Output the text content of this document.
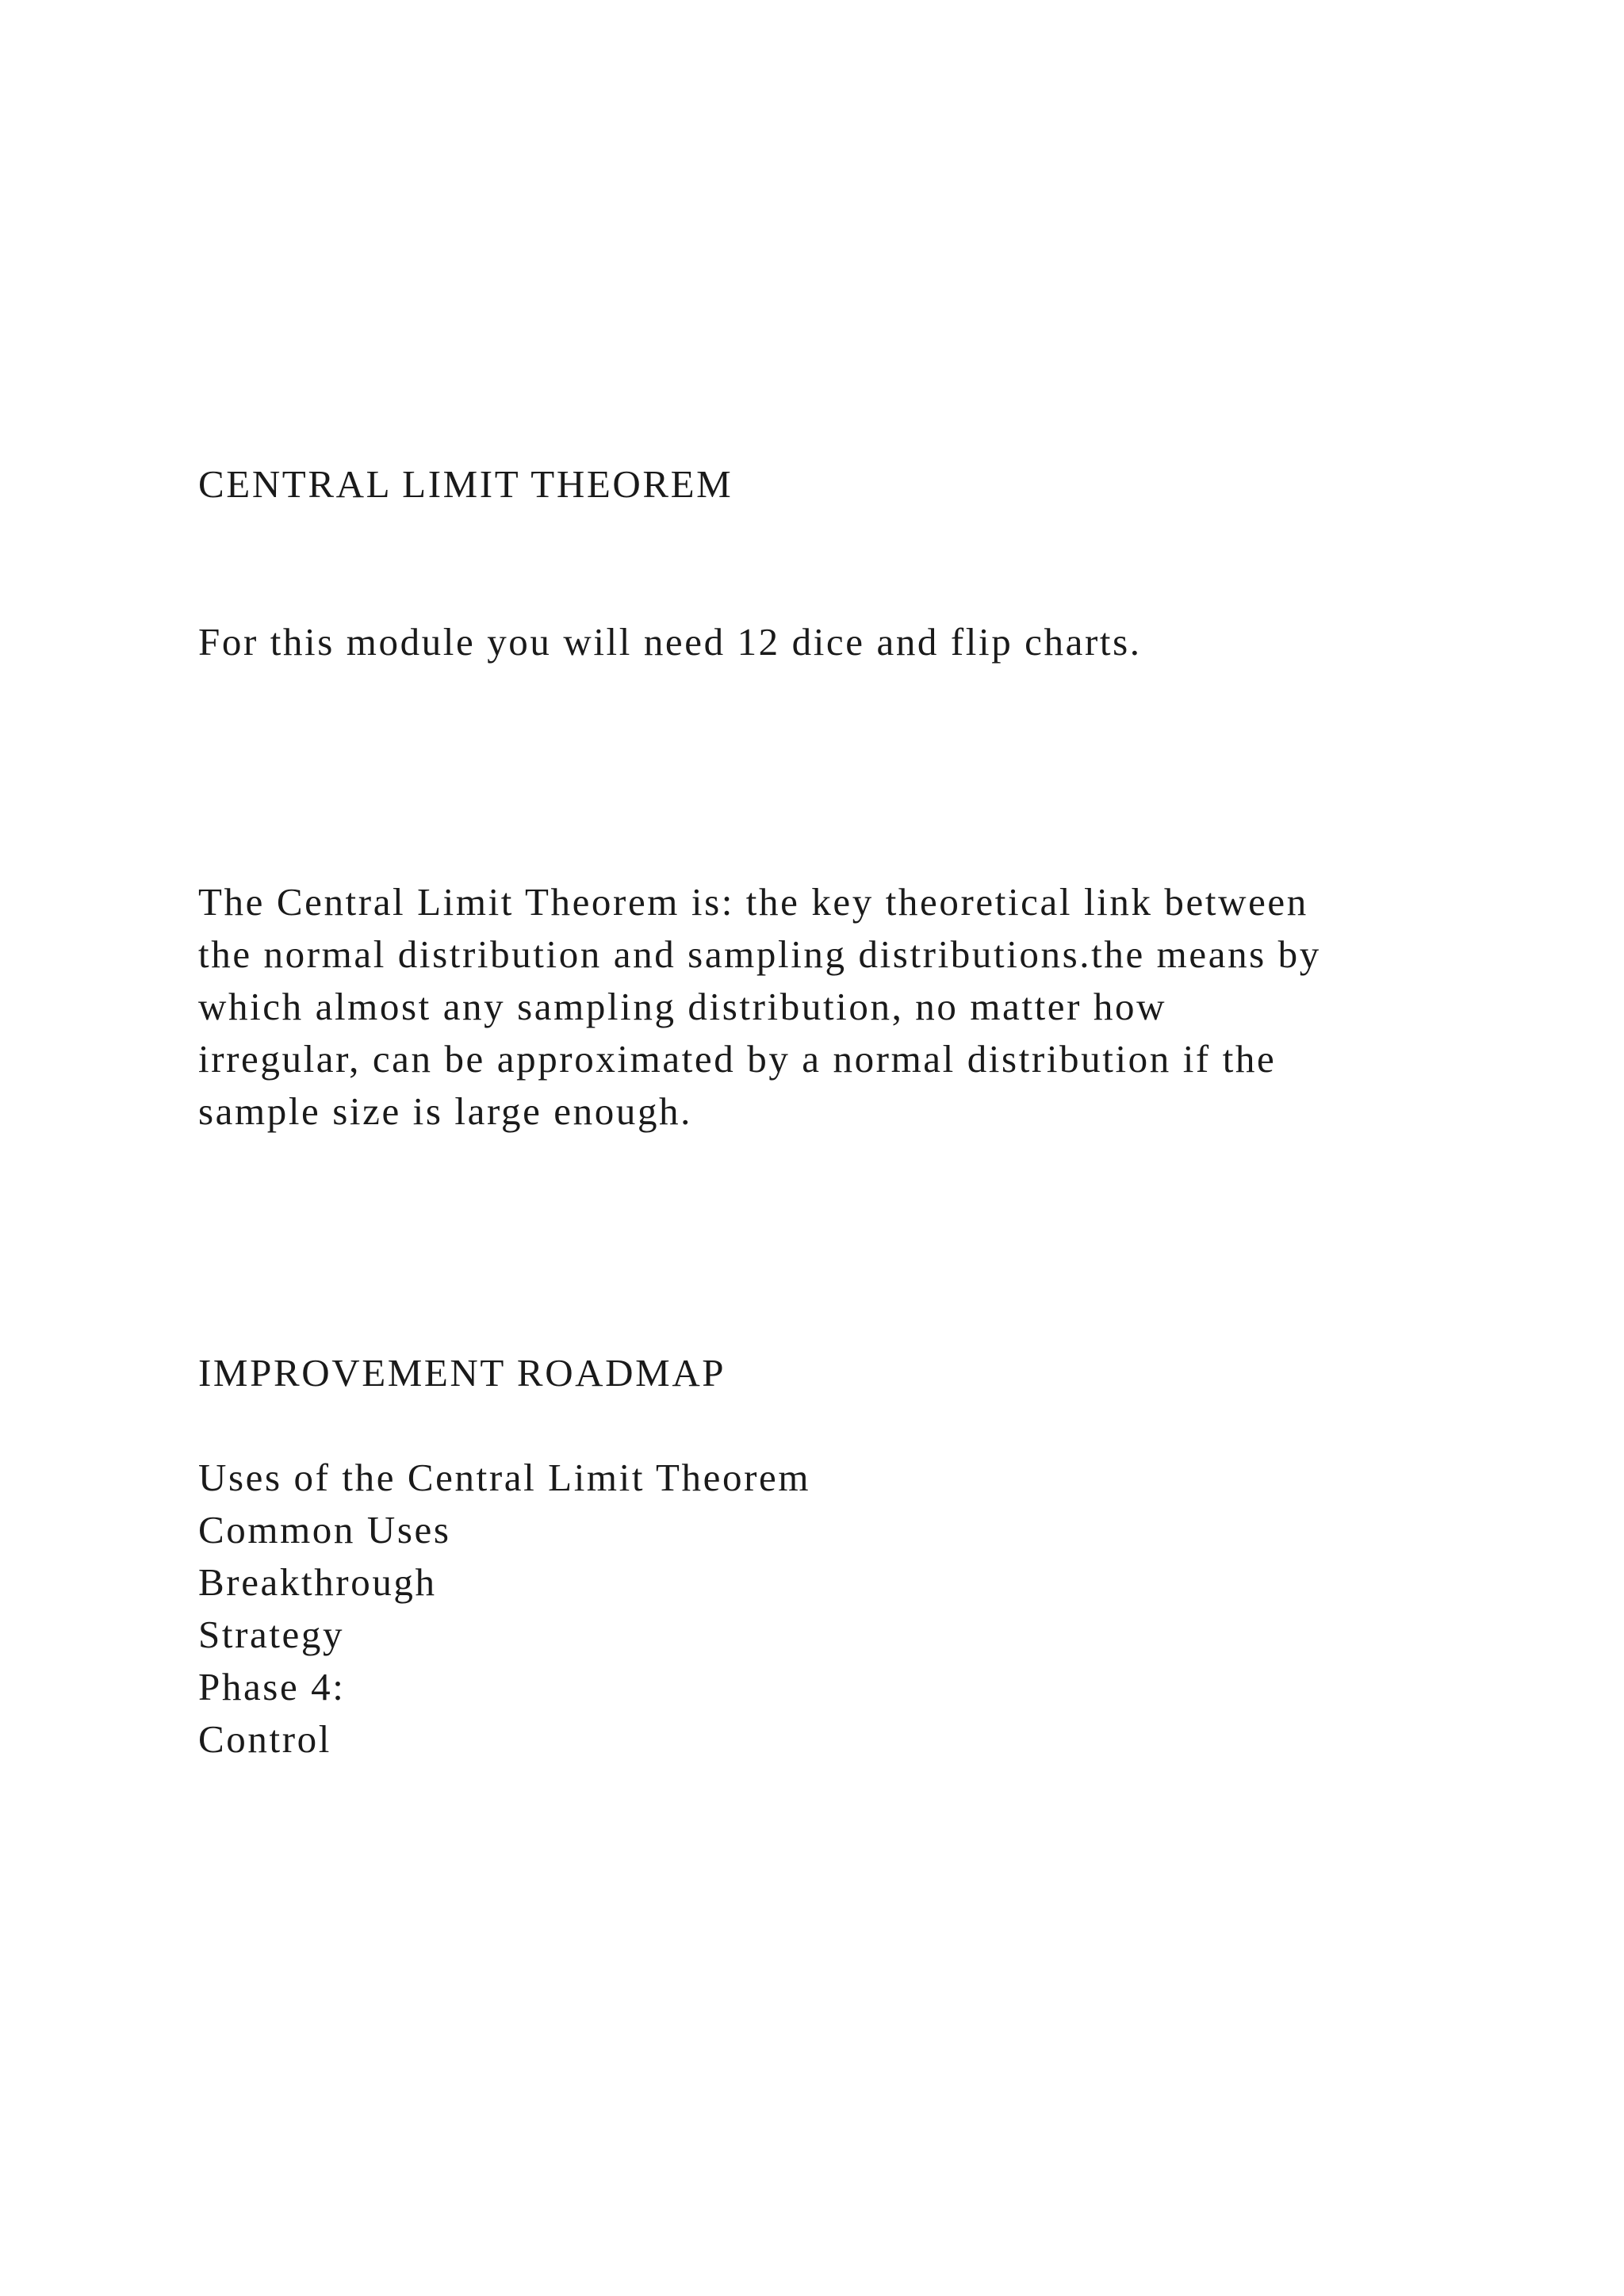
CENTRAL LIMIT THEOREM
For this module you will need 12 dice and flip charts.
The Central Limit Theorem is: the key theoretical link between
the normal distribution and sampling distributions.the means by
which almost any sampling distribution, no matter how
irregular, can be approximated by a normal distribution if the
sample size is large enough.
IMPROVEMENT ROADMAP
Uses of the Central Limit Theorem
Common Uses
Breakthrough
Strategy
Phase 4:
Control
